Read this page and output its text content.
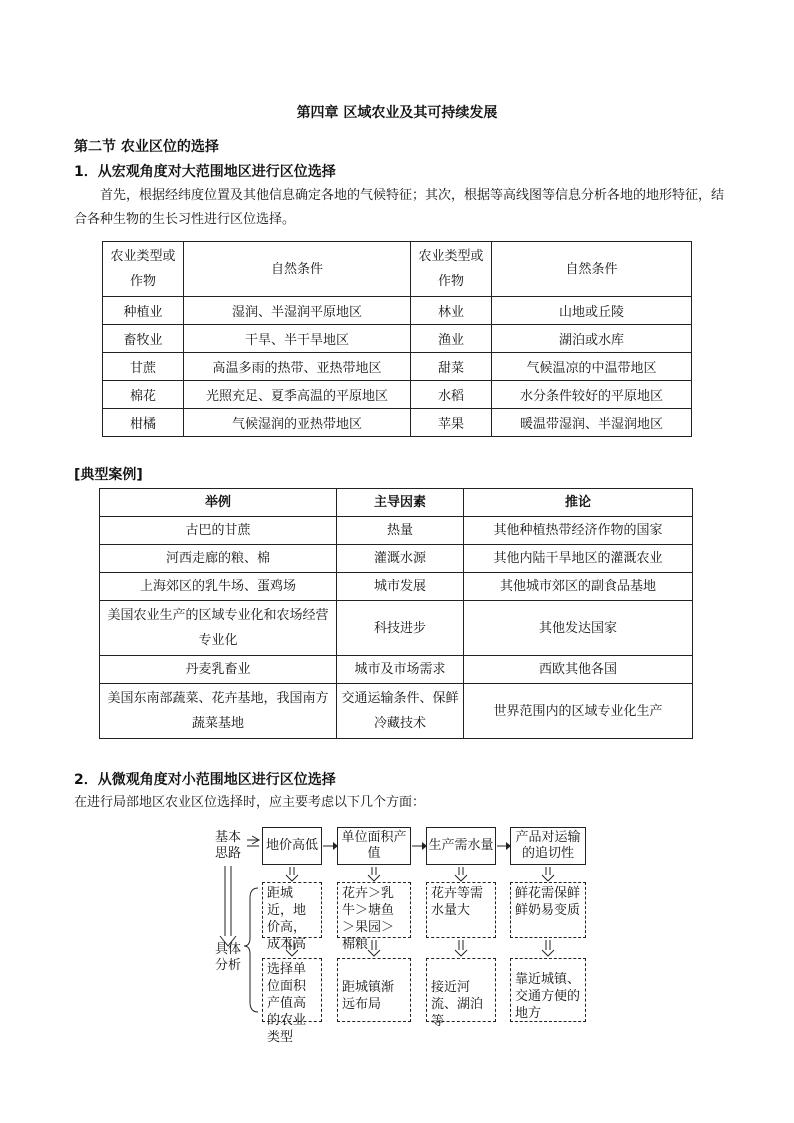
第四章 区域农业及其可持续发展
第二节 农业区位的选择
1．从宏观角度对大范围地区进行区位选择
首先，根据经纬度位置及其他信息确定各地的气候特征；其次，根据等高线图等信息分析各地的地形特征，结合各种生物的生长习性进行区位选择。
农业类型或作物	自然条件	农业类型或作物	自然条件
种植业	湿润、半湿润平原地区	林业	山地或丘陵
畜牧业	干旱、半干旱地区	渔业	湖泊或水库
甘蔗	高温多雨的热带、亚热带地区	甜菜	气候温凉的中温带地区
棉花	光照充足、夏季高温的平原地区	水稻	水分条件较好的平原地区
柑橘	气候湿润的亚热带地区	苹果	暖温带湿润、半湿润地区
[典型案例]
举例	主导因素	推论
古巴的甘蔗	热量	其他种植热带经济作物的国家
河西走廊的粮、棉	灌溉水源	其他内陆干旱地区的灌溉农业
上海郊区的乳牛场、蛋鸡场	城市发展	其他城市郊区的副食品基地
美国农业生产的区域专业化和农场经营专业化	科技进步	其他发达国家
丹麦乳畜业	城市及市场需求	西欧其他各国
美国东南部蔬菜、花卉基地，我国南方蔬菜基地	交通运输条件、保鲜冷藏技术	世界范围内的区域专业化生产
2．从微观角度对小范围地区进行区位选择
在进行局部地区农业区位选择时，应主要考虑以下几个方面：
基本思路
具体分析
地价高低
单位面积产值
生产需水量
产品对运输的追切性
距城近，地价高，成本高
花卉＞乳牛＞塘鱼＞果园＞棉粮
花卉等需水量大
鲜花需保鲜鲜奶易变质
选择单位面积产值高的农业类型
距城镇渐远布局
接近河流、湖泊等
靠近城镇、交通方便的地方
